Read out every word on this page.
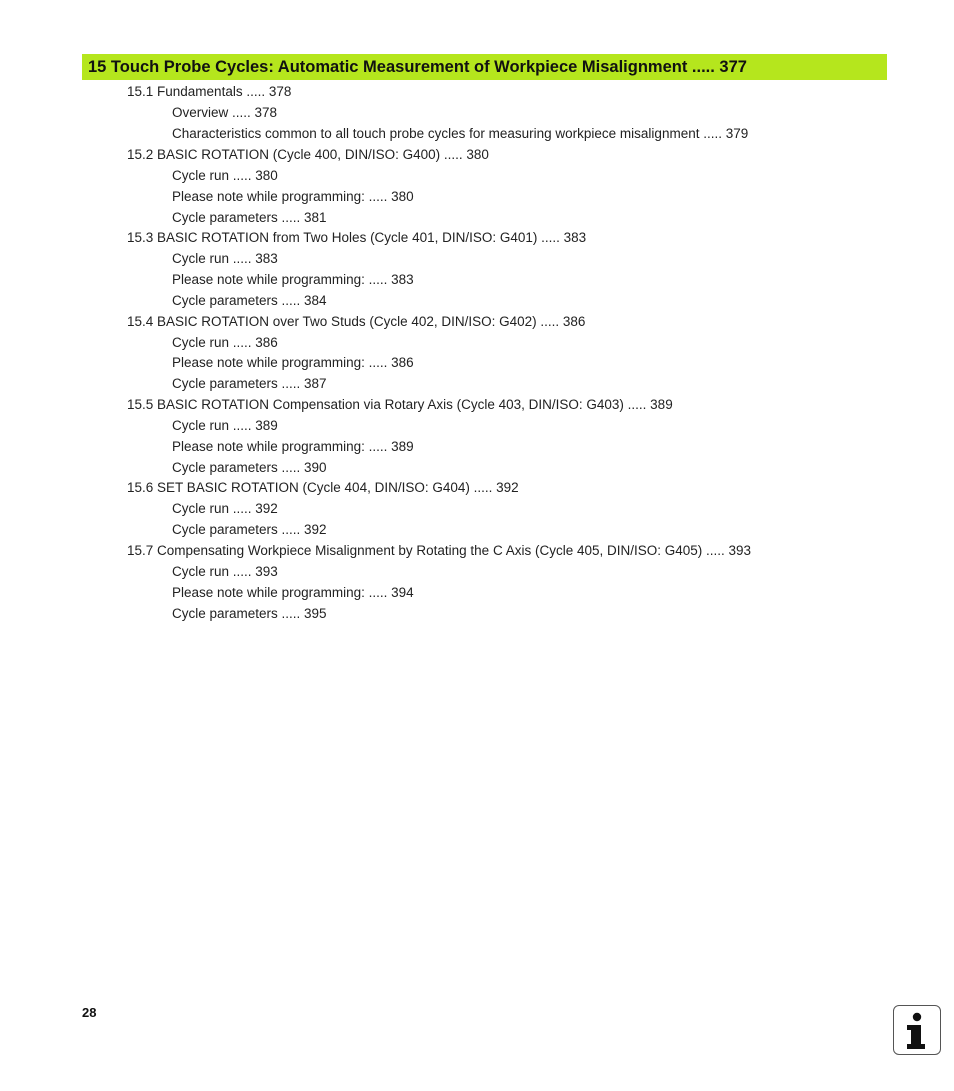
15 Touch Probe Cycles: Automatic Measurement of Workpiece Misalignment ..... 377
15.1 Fundamentals ..... 378
Overview ..... 378
Characteristics common to all touch probe cycles for measuring workpiece misalignment ..... 379
15.2 BASIC ROTATION (Cycle 400, DIN/ISO: G400) ..... 380
Cycle run ..... 380
Please note while programming: ..... 380
Cycle parameters ..... 381
15.3 BASIC ROTATION from Two Holes (Cycle 401, DIN/ISO: G401) ..... 383
Cycle run ..... 383
Please note while programming: ..... 383
Cycle parameters ..... 384
15.4 BASIC ROTATION over Two Studs (Cycle 402, DIN/ISO: G402) ..... 386
Cycle run ..... 386
Please note while programming: ..... 386
Cycle parameters ..... 387
15.5 BASIC ROTATION Compensation via Rotary Axis (Cycle 403, DIN/ISO: G403) ..... 389
Cycle run ..... 389
Please note while programming: ..... 389
Cycle parameters ..... 390
15.6 SET BASIC ROTATION (Cycle 404, DIN/ISO: G404) ..... 392
Cycle run ..... 392
Cycle parameters ..... 392
15.7 Compensating Workpiece Misalignment by Rotating the C Axis (Cycle 405, DIN/ISO: G405) ..... 393
Cycle run ..... 393
Please note while programming: ..... 394
Cycle parameters ..... 395
28
